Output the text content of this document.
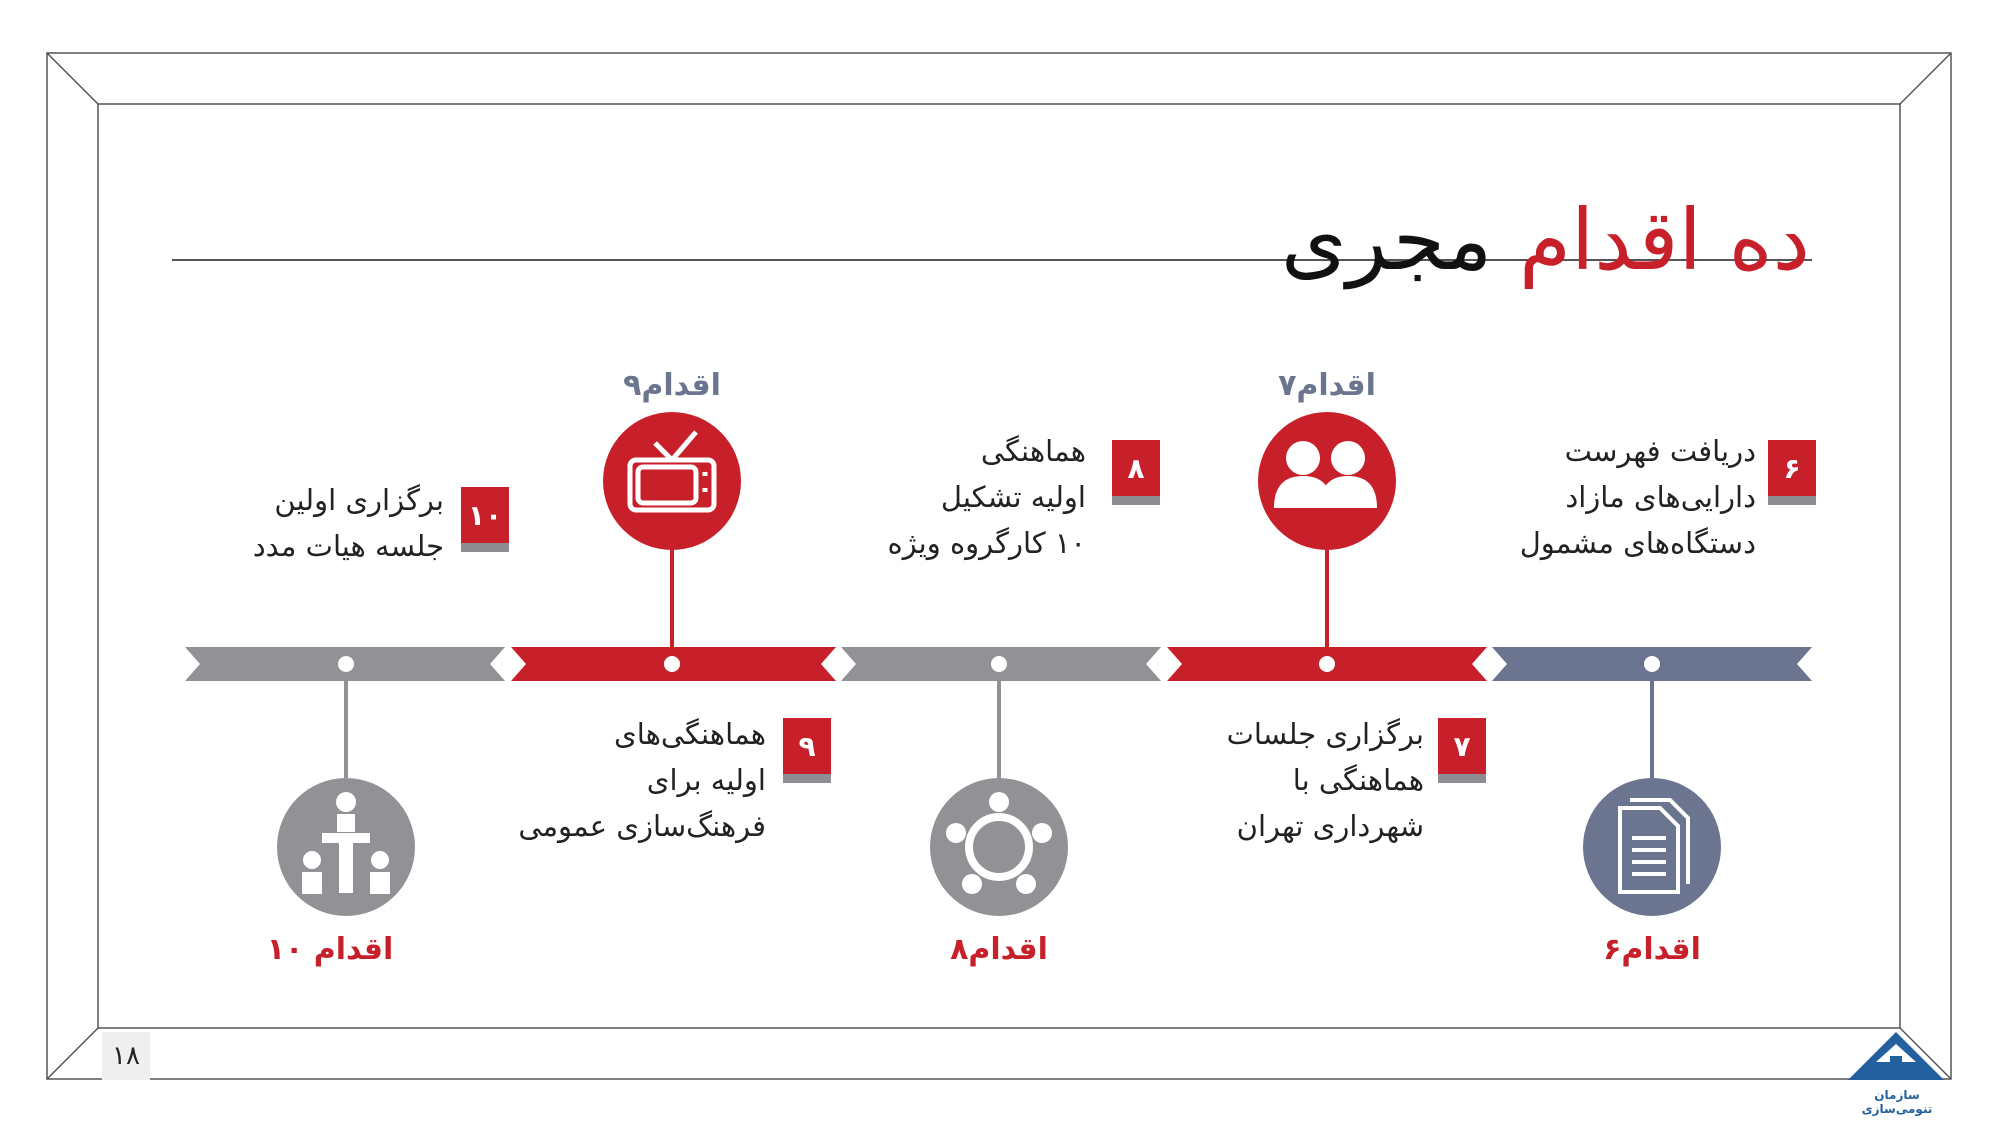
ده اقدام مجری
اقدام۶
اقدام۷
اقدام۸
اقدام۹
اقدام ۱۰
۶
۷
۸
۹
۱۰
دریافت فهرست
دارایی‌های مازاد
دستگاه‌های مشمول
برگزاری جلسات
هماهنگی با
شهرداری تهران
هماهنگی
اولیه تشکیل
۱۰ کارگروه ویژه
هماهنگی‌های
اولیه برای
فرهنگ‌سازی عمومی
برگزاری اولین
جلسه هیات مدد
۱۸
سازمان تنومی‌سازی
